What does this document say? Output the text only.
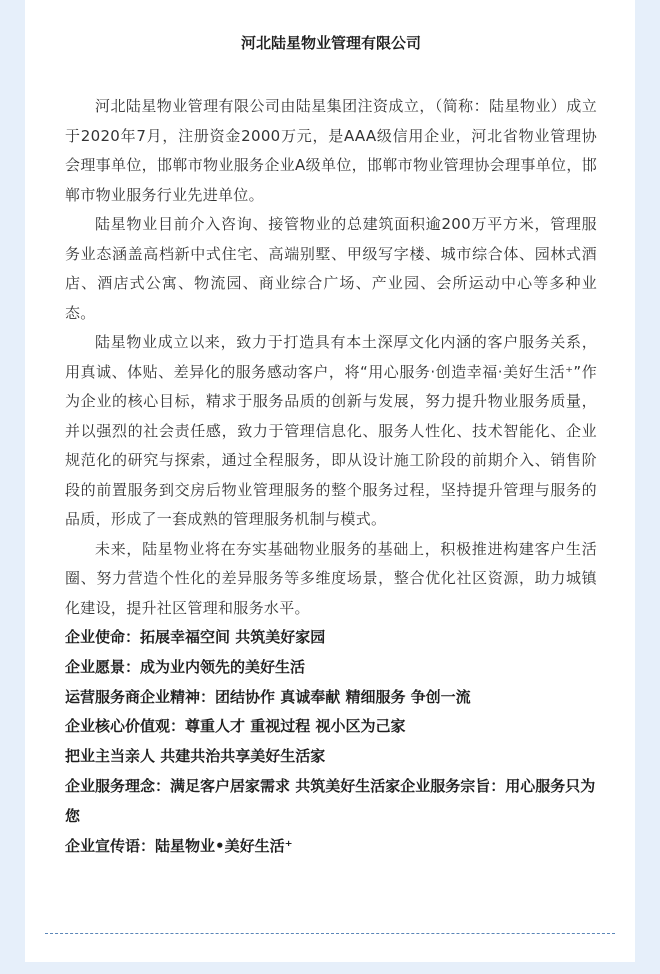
河北陆星物业管理有限公司

河北陆星物业管理有限公司由陆星集团注资成立，（简称：陆星物业）成立于2020年7月，注册资金2000万元，是AAA级信用企业，河北省物业管理协会理事单位，邯郸市物业服务企业A级单位，邯郸市物业管理协会理事单位，邯郸市物业服务行业先进单位。

陆星物业目前介入咨询、接管物业的总建筑面积逾200万平方米，管理服务业态涵盖高档新中式住宅、高端别墅、甲级写字楼、城市综合体、园林式酒店、酒店式公寓、物流园、商业综合广场、产业园、会所运动中心等多种业态。

陆星物业成立以来，致力于打造具有本土深厚文化内涵的客户服务关系，用真诚、体贴、差异化的服务感动客户，将“用心服务·创造幸福·美好生活⁺”作为企业的核心目标，精求于服务品质的创新与发展，努力提升物业服务质量，并以强烈的社会责任感，致力于管理信息化、服务人性化、技术智能化、企业规范化的研究与探索，通过全程服务，即从设计施工阶段的前期介入、销售阶段的前置服务到交房后物业管理服务的整个服务过程，坚持提升管理与服务的品质，形成了一套成熟的管理服务机制与模式。

未来，陆星物业将在夯实基础物业服务的基础上，积极推进构建客户生活圈、努力营造个性化的差异服务等多维度场景，整合优化社区资源，助力城镇化建设，提升社区管理和服务水平。

企业使命：拓展幸福空间 共筑美好家园

企业愿景：成为业内领先的美好生活

运营服务商企业精神：团结协作 真诚奉献 精细服务 争创一流

企业核心价值观：尊重人才 重视过程 视小区为己家

把业主当亲人 共建共治共享美好生活家

企业服务理念：满足客户居家需求 共筑美好生活家企业服务宗旨：用心服务只为您

企业宣传语：陆星物业•美好生活⁺
